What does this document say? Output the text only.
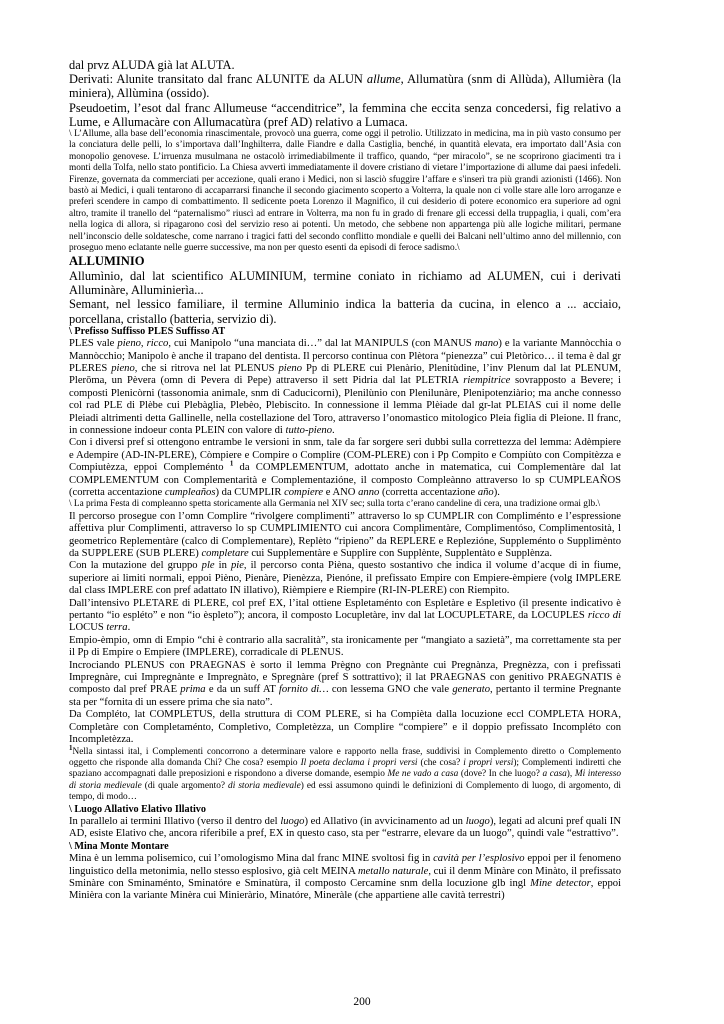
dal prvz ALUDA già lat ALUTA.

Derivati: Alunite transitato dal franc ALUNITE da ALUN allume, Allumatùra (snm di Allùda), Allumièra (la miniera), Allùmina (ossido).

Pseudoetim, l’esot dal franc Allumeuse “accenditrice”, la femmina che eccita senza concedersi, fig relativo a Lume, e Allumacàre con Allumacatùra (pref AD) relativo a Lumaca.

\ L’Allume, alla base dell’economia rinascimentale, provocò una guerra, come oggi il petrolio. Utilizzato in medicina, ma in più vasto consumo per la conciatura delle pelli, lo s’importava dall’Inghilterra, dalle Fiandre e dalla Castiglia, benché, in quantità elevata, era importato dall’Asia con monopolio genovese. L’irruenza musulmana ne ostacolò irrimediabilmente il traffico, quando, “per miracolo”, se ne scoprirono giacimenti tra i monti della Tolfa, nello stato pontificio. La Chiesa avvertì immediatamente il dovere cristiano di vietare l’importazione di allume dai paesi infedeli. Firenze, governata da commerciati per accezione, quali erano i Medici, non si lasciò sfuggire l’affare e s'inserì tra più grandi azionisti (1466). Non bastò ai Medici, i quali tentarono di accaparrarsi finanche il secondo giacimento scoperto a Volterra, la quale non ci volle stare alle loro arroganze e preferì scendere in campo di combattimento. Il sedicente poeta Lorenzo il Magnifico, il cui desiderio di potere economico era superiore ad ogni altro, tramite il tranello del “paternalismo” riuscì ad entrare in Volterra, ma non fu in grado di frenare gli eccessi della truppaglia, i quali, com’era nella logica di allora, si ripagarono così del servizio reso ai potenti. Un metodo, che sebbene non appartenga più alle logiche militari, permane nell’inconscio delle soldatesche, come narrano i tragici fatti del secondo conflitto mondiale e quelli dei Balcani nell’ultimo anno del millennio, con proseguo meno eclatante nelle guerre successive, ma non per questo esenti da episodi di feroce sadismo.\

ALLUMINIO

Allumìnio, dal lat scientifico ALUMINIUM, termine coniato in richiamo ad ALUMEN, cui i derivati Alluminàre, Alluminierìa...

Semant, nel lessico familiare, il termine Alluminio indica la batteria da cucina, in elenco a ... acciaio, porcellana, cristallo (batteria, servizio di).

\ Prefisso Suffisso PLES Suffisso AT

PLES vale pieno, ricco, cui Manipolo “una manciata di…” dal lat MANIPULS (con MANUS mano) e la variante Mannòcchia o Mannòcchio; Manipolo è anche il trapano del dentista. Il percorso continua con Plètora “pienezza” cui Pletòrico… il tema è dal gr PLERES pieno, che si ritrova nel lat PLENUS pieno Pp di PLERE cui Plenàrio, Plenitùdine, l’inv Plenum dal lat PLENUM, Plerōma, un Pèvera (omn di Pevera di Pepe) attraverso il sett Pidria dal lat PLETRIA riempitrice sovrapposto a Bevere; i composti Plenicòrni (tassonomia animale, snm di Caducicorni), Plenilùnio con Plenilunàre, Plenipotenziàrio; ma anche connesso col rad PLE di Plèbe cui Plebàglia, Plebèo, Plebiscito. In connessione il lemma Plèiade dal gr-lat PLEIAS cui il nome delle Pleiadi altrimenti detta Gallinelle, nella costellazione del Toro, attraverso l’onomastico mitologico Pleia figlia di Pleione. Il franc, in connessione indoeur conta PLEIN con valore di tutto-pieno.

Con i diversi pref si ottengono entrambe le versioni in snm, tale da far sorgere seri dubbi sulla correttezza del lemma: Adèmpiere e Adempire (AD-IN-PLERE), Còmpiere e Compire o Complire (COM-PLERE) con i Pp Compito e Compiùto con Compitèzza e Compiutèzza, eppoi Compleménto $^1$ da COMPLEMENTUM, adottato anche in matematica, cui Complementàre dal lat COMPLEMENTUM con Complementarità e Complementazióne, il composto Compleànno attraverso lo sp CUMPLEAÑOS (corretta accentazione cumpleaños) da CUMPLIR compiere e ANO anno (corretta accentazione año).

\ La prima Festa di compleanno spetta storicamente alla Germania nel XIV sec; sulla torta c’erano candeline di cera, una tradizione ormai glb.\

Il percorso prosegue con l’omn Complire “rivolgere complimenti” attraverso lo sp CUMPLIR con Compliménto e l’espressione affettiva plur Complimenti, attraverso lo sp CUMPLIMIENTO cui ancora Complimentàre, Complimentóso, Complimentosità, l geometrico Replementàre (calco di Complementare), Replèto “ripieno” da REPLERE e Replezióne, Suppleménto o Supplimènto da SUPPLERE (SUB PLERE) completare cui Supplementàre e Supplire con Supplènte, Supplentàto e Supplènza.

Con la mutazione del gruppo ple in pie, il percorso conta Pièna, questo sostantivo che indica il volume d’acque di in fiume, superiore ai limiti normali, eppoi Pièno, Pienàre, Pienèzza, Pienóne, il prefissato Empire con Empiere-èmpiere (volg IMPLERE dal class IMPLERE con pref adattato IN illativo), Rièmpiere e Riempire (RI-IN-PLERE) con Riempìto.

Dall’intensivo PLETARE di PLERE, col pref EX, l’ital ottiene Espletaménto con Espletàre e Espletivo (il presente indicativo è pertanto “io espléto” e non “io èspleto”); ancora, il composto Locupletàre, inv dal lat LOCUPLETARE, da LOCUPLES ricco di LOCUS terra.

Empio-èmpio, omn di Empio “chi è contrario alla sacralità”, sta ironicamente per “mangiato a sazietà”, ma correttamente sta per il Pp di Empire o Empiere (IMPLERE), corradicale di PLENUS.

Incrociando PLENUS con PRAEGNAS è sorto il lemma Prègno con Pregnànte cui Pregnànza, Pregnèzza, con i prefissati Impregnàre, cui Impregnànte e Impregnàto, e Spregnàre (pref S sottrattivo); il lat PRAEGNAS con genitivo PRAEGNATIS è composto dal pref PRAE prima e da un suff AT fornito di… con lessema GNO che vale generato, pertanto il termine Pregnante sta per “fornita di un essere prima che sia nato”.

Da Compléto, lat COMPLETUS, della struttura di COM PLERE, si ha Compièta dalla locuzione eccl COMPLETA HORA, Completàre con Completaménto, Completivo, Completèzza, un Complire “compiere” e il doppio prefissato Incompléto con Incompletèzza.

$^1$Nella sintassi ital, i Complementi concorrono a determinare valore e rapporto nella frase, suddivisi in Complemento diretto o Complemento oggetto che risponde alla domanda Chi? Che cosa? esempio Il poeta declama i propri versi (che cosa? i propri versi); Complementi indiretti che spaziano accompagnati dalle preposizioni e rispondono a diverse domande, esempio Me ne vado a casa (dove? In che luogo? a casa), Mi interesso di storia medievale (di quale argomento? di storia medievale) ed essi assumono quindi le definizioni di Complemento di luogo, di argomento, di tempo, di modo…

\ Luogo Allativo Elativo Illativo

In parallelo ai termini Illativo (verso il dentro del luogo) ed Allativo (in avvicinamento ad un luogo), legati ad alcuni pref quali IN AD, esiste Elativo che, ancora riferibile a pref, EX in questo caso, sta per “estrarre, elevare da un luogo”, quindi vale “estrattivo”.

\ Mina Monte Montare

Mina è un lemma polisemico, cui l’omologismo Mina dal franc MINE svoltosi fig in cavità per l’esplosivo eppoi per il fenomeno linguistico della metonimia, nello stesso esplosivo, già celt MEINA metallo naturale, cui il denm Minàre con Minàto, il prefissato Sminàre con Sminaménto, Sminatóre e Sminatùra, il composto Cercamine snm della locuzione glb ingl Mine detector, eppoi Minièra con la variante Minèra cui Minieràrio, Minatóre, Mineràle (che appartiene alle cavità terrestri)

200
